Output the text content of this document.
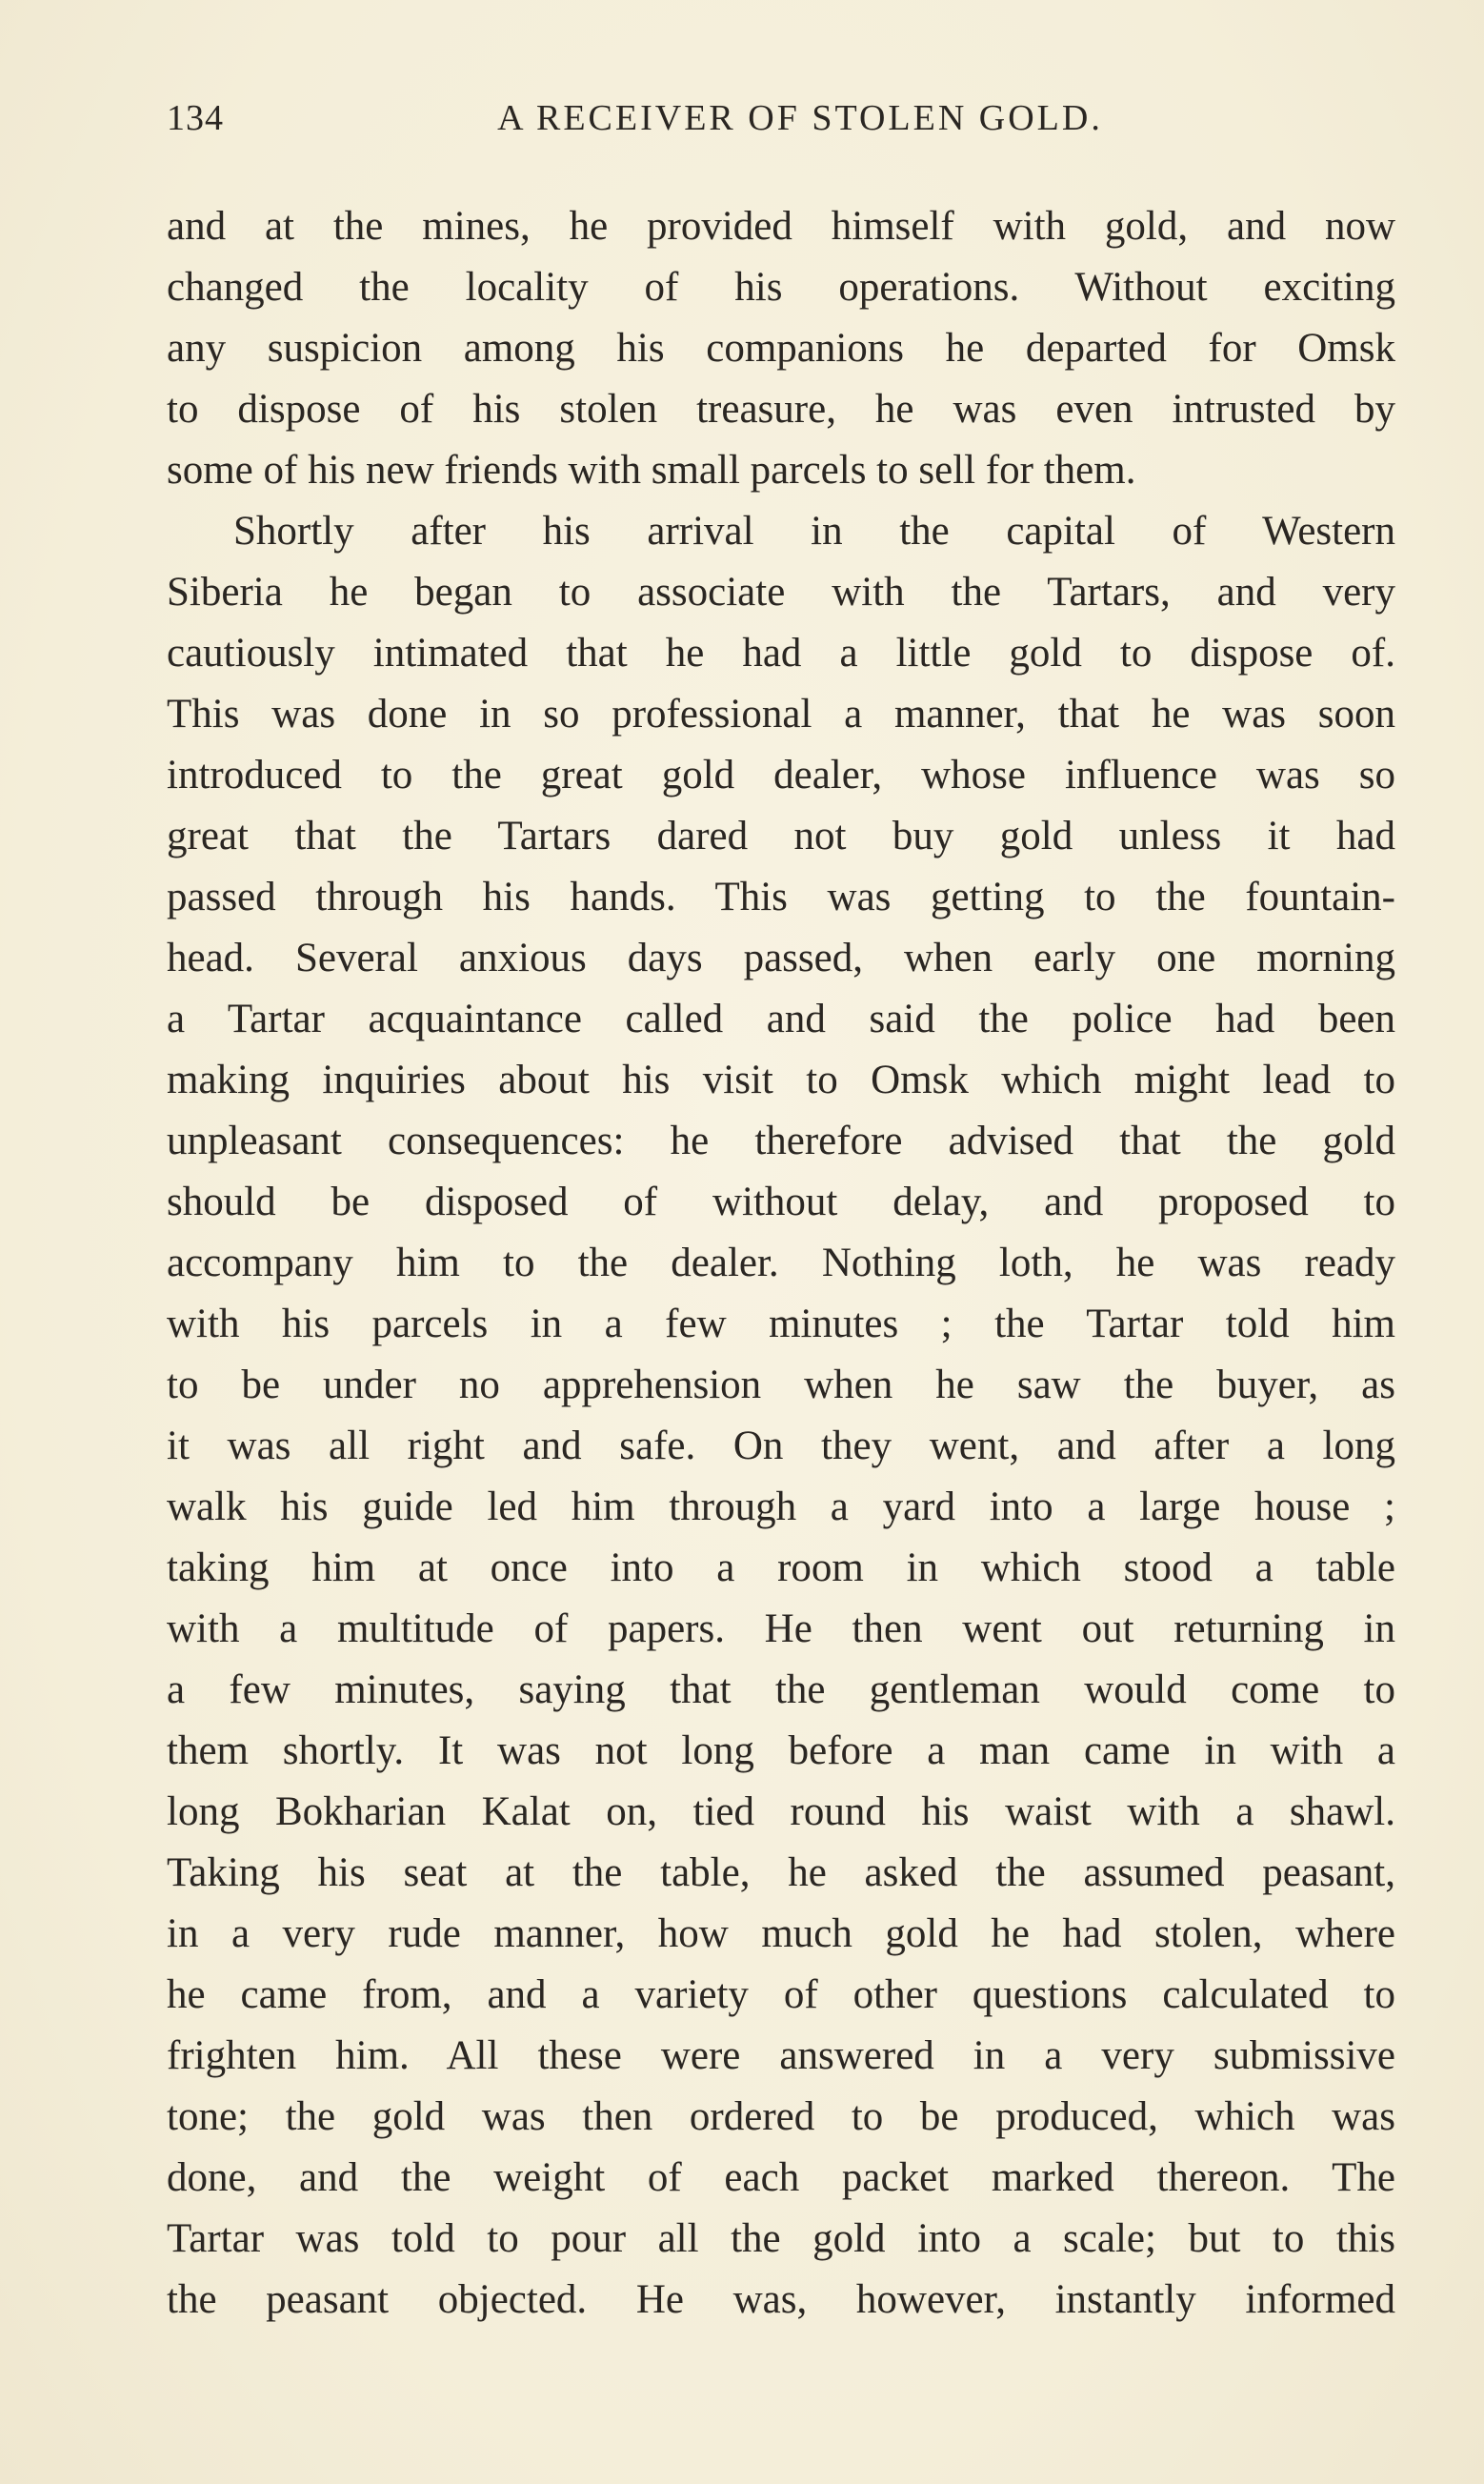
134	A RECEIVER OF STOLEN GOLD.
and at the mines, he provided himself with gold, and now
changed the locality of his operations. Without exciting
any suspicion among his companions he departed for Omsk
to dispose of his stolen treasure, he was even intrusted by
some of his new friends with small parcels to sell for them.
Shortly after his arrival in the capital of Western
Siberia he began to associate with the Tartars, and very
cautiously intimated that he had a little gold to dispose of.
This was done in so professional a manner, that he was soon
introduced to the great gold dealer, whose influence was so
great that the Tartars dared not buy gold unless it had
passed through his hands. This was getting to the fountain-
head. Several anxious days passed, when early one morning
a Tartar acquaintance called and said the police had been
making inquiries about his visit to Omsk which might lead to
unpleasant consequences: he therefore advised that the gold
should be disposed of without delay, and proposed to
accompany him to the dealer. Nothing loth, he was ready
with his parcels in a few minutes ; the Tartar told him
to be under no apprehension when he saw the buyer, as
it was all right and safe. On they went, and after a long
walk his guide led him through a yard into a large house ;
taking him at once into a room in which stood a table
with a multitude of papers. He then went out returning in
a few minutes, saying that the gentleman would come to
them shortly. It was not long before a man came in with a
long Bokharian Kalat on, tied round his waist with a shawl.
Taking his seat at the table, he asked the assumed peasant,
in a very rude manner, how much gold he had stolen, where
he came from, and a variety of other questions calculated to
frighten him. All these were answered in a very submissive
tone; the gold was then ordered to be produced, which was
done, and the weight of each packet marked thereon. The
Tartar was told to pour all the gold into a scale; but to this
the peasant objected. He was, however, instantly informed
